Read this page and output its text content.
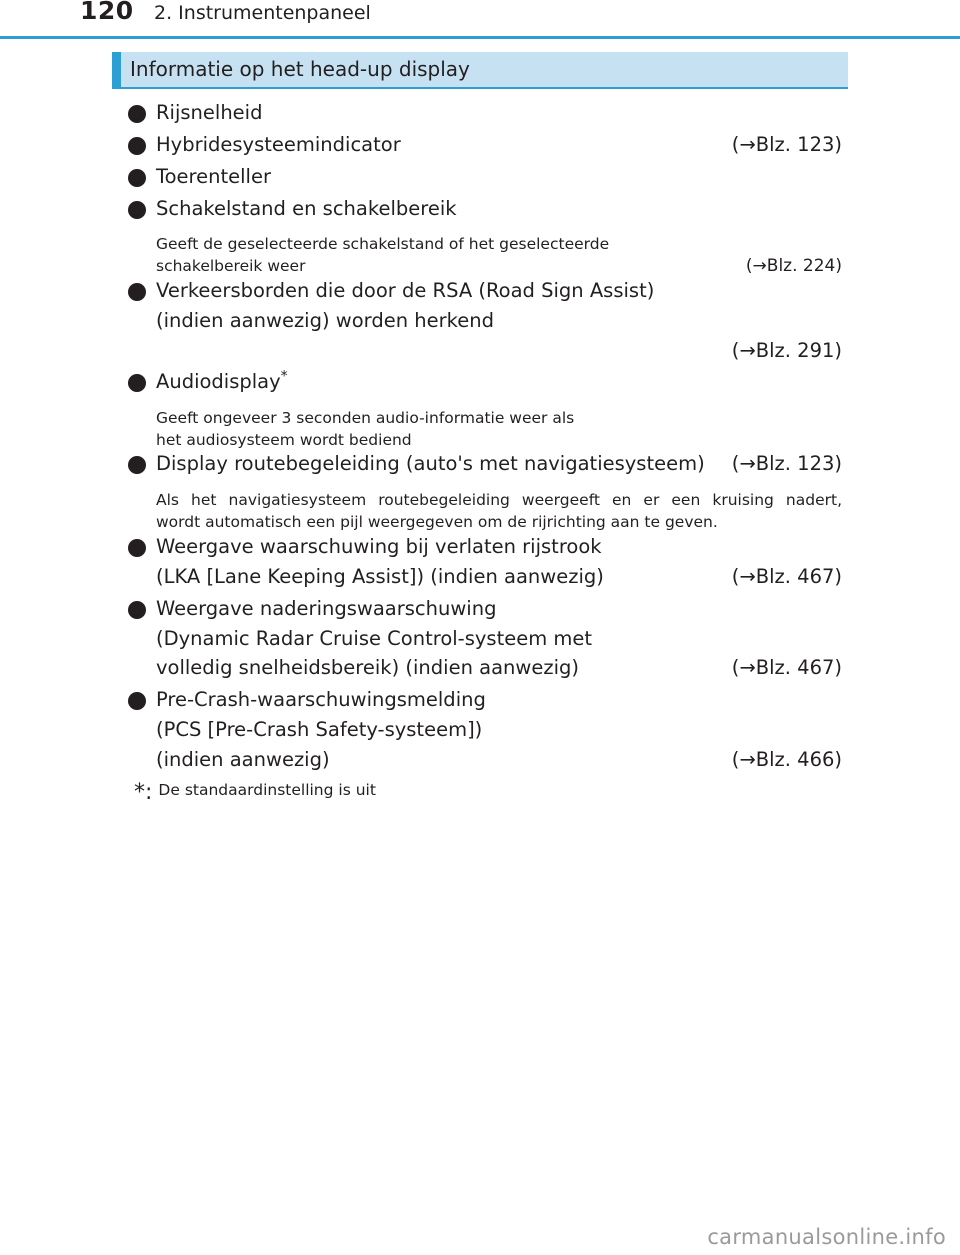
120 2. Instrumentenpaneel
Informatie op het head-up display
Rijsnelheid
Hybridesysteemindicator	(→Blz. 123)
Toerenteller
Schakelstand en schakelbereik
Geeft de geselecteerde schakelstand of het geselecteerde
schakelbereik weer	(→Blz. 224)
Verkeersborden die door de RSA (Road Sign Assist)
(indien aanwezig) worden herkend
(→Blz. 291)
Audiodisplay*
Geeft ongeveer 3 seconden audio-informatie weer als
het audiosysteem wordt bediend
Display routebegeleiding (auto's met navigatiesysteem) (→Blz. 123)
Als het navigatiesysteem routebegeleiding weergeeft en er een kruising nadert,
wordt automatisch een pijl weergegeven om de rijrichting aan te geven.
Weergave waarschuwing bij verlaten rijstrook
(LKA [Lane Keeping Assist]) (indien aanwezig)	(→Blz. 467)
Weergave naderingswaarschuwing
(Dynamic Radar Cruise Control-systeem met
volledig snelheidsbereik) (indien aanwezig)	(→Blz. 467)
Pre-Crash-waarschuwingsmelding
(PCS [Pre-Crash Safety-systeem])
(indien aanwezig)	(→Blz. 466)
*: De standaardinstelling is uit
carmanualsonline.info
